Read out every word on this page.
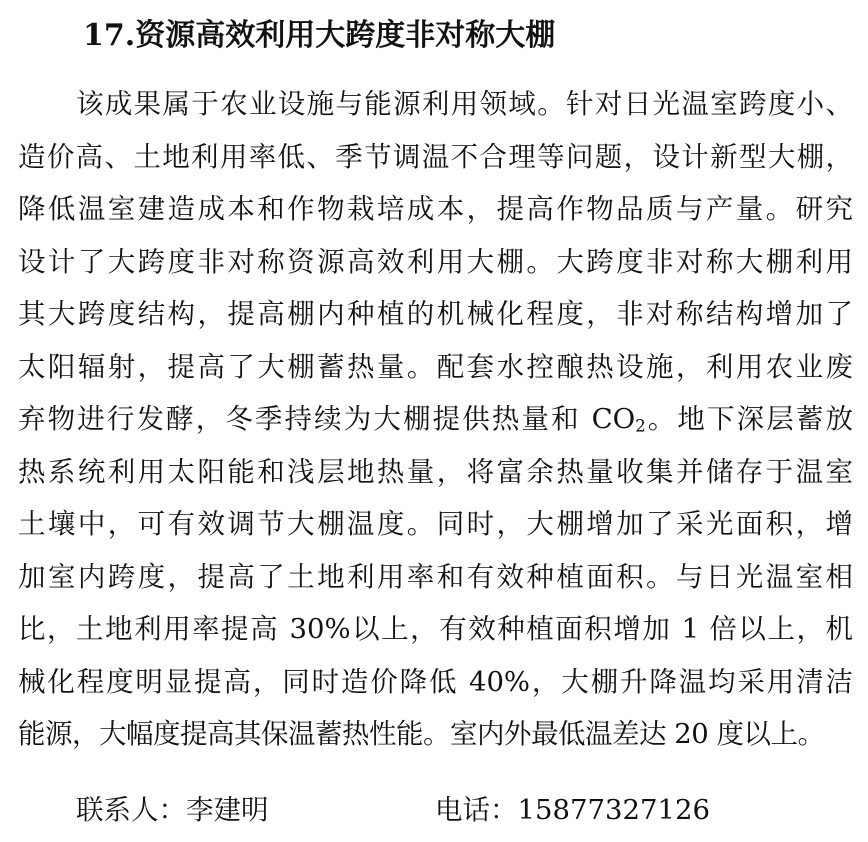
17.资源高效利用大跨度非对称大棚
该成果属于农业设施与能源利用领域。针对日光温室跨度小、
造价高、土地利用率低、季节调温不合理等问题，设计新型大棚，
降低温室建造成本和作物栽培成本，提高作物品质与产量。研究
设计了大跨度非对称资源高效利用大棚。大跨度非对称大棚利用
其大跨度结构，提高棚内种植的机械化程度，非对称结构增加了
太阳辐射，提高了大棚蓄热量。配套水控酿热设施，利用农业废
弃物进行发酵，冬季持续为大棚提供热量和 $CO_2$。地下深层蓄放
热系统利用太阳能和浅层地热量，将富余热量收集并储存于温室
土壤中，可有效调节大棚温度。同时，大棚增加了采光面积，增
加室内跨度，提高了土地利用率和有效种植面积。与日光温室相
比，土地利用率提高 30%以上，有效种植面积增加 1 倍以上，机
械化程度明显提高，同时造价降低 40%，大棚升降温均采用清洁
能源，大幅度提高其保温蓄热性能。室内外最低温差达 20 度以上。
联系人：李建明	电话：15877327126
